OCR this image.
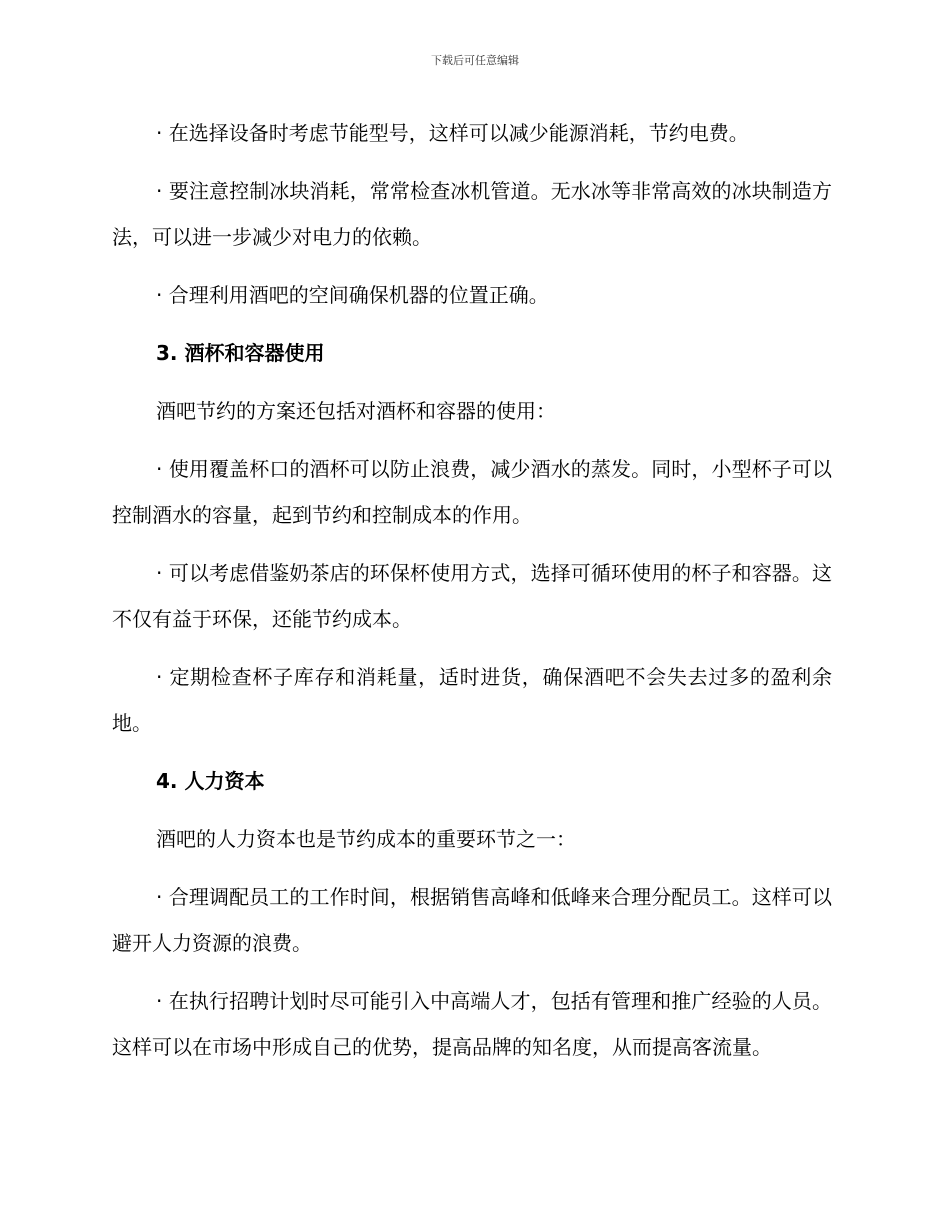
下载后可任意编辑

· 在选择设备时考虑节能型号，这样可以减少能源消耗，节约电费。

· 要注意控制冰块消耗，常常检查冰机管道。无水冰等非常高效的冰块制造方法，可以进一步减少对电力的依赖。

· 合理利用酒吧的空间确保机器的位置正确。

3. 酒杯和容器使用

酒吧节约的方案还包括对酒杯和容器的使用：

· 使用覆盖杯口的酒杯可以防止浪费，减少酒水的蒸发。同时，小型杯子可以控制酒水的容量，起到节约和控制成本的作用。

· 可以考虑借鉴奶茶店的环保杯使用方式，选择可循环使用的杯子和容器。这不仅有益于环保，还能节约成本。

· 定期检查杯子库存和消耗量，适时进货，确保酒吧不会失去过多的盈利余地。

4. 人力资本

酒吧的人力资本也是节约成本的重要环节之一：

· 合理调配员工的工作时间，根据销售高峰和低峰来合理分配员工。这样可以避开人力资源的浪费。

· 在执行招聘计划时尽可能引入中高端人才，包括有管理和推广经验的人员。这样可以在市场中形成自己的优势，提高品牌的知名度，从而提高客流量。
